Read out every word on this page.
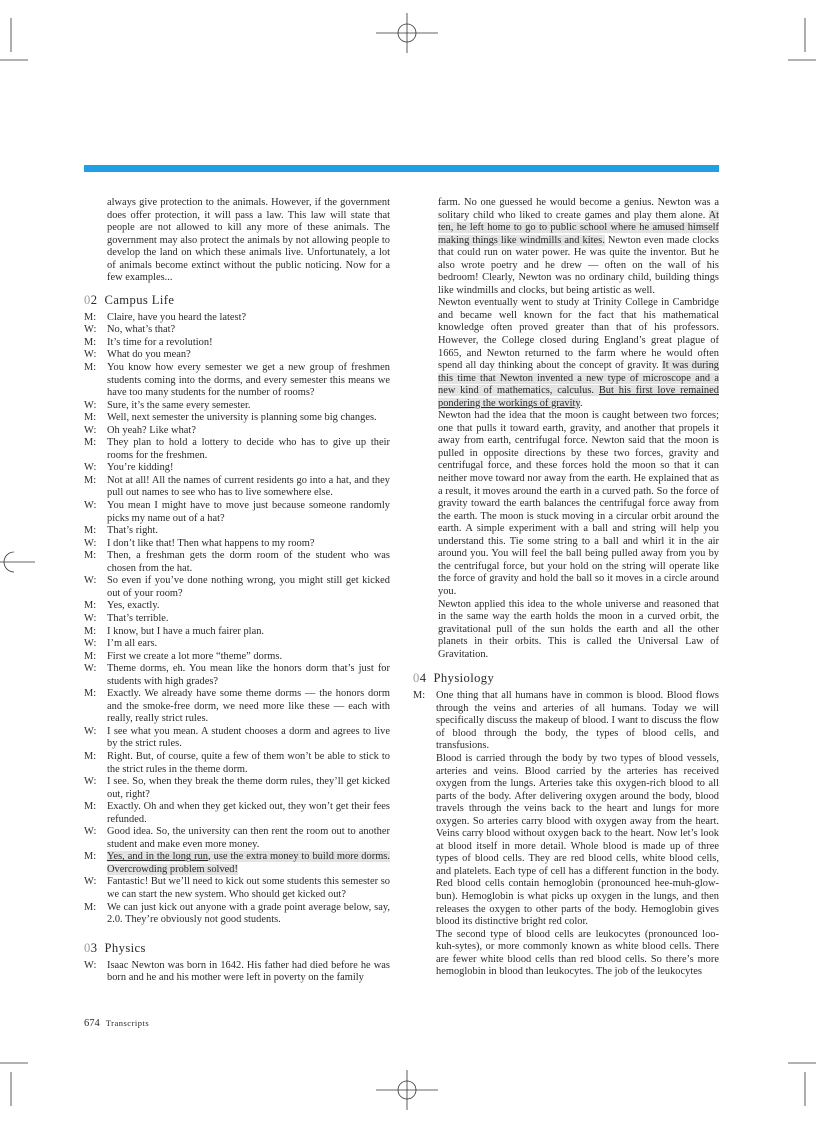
always give protection to the animals. However, if the government does offer protection, it will pass a law. This law will state that people are not allowed to kill any more of these animals. The government may also protect the animals by not allowing people to develop the land on which these animals live. Unfortunately, a lot of animals become extinct without the public noticing. Now for a few examples...

02 Campus Life
M:	Claire, have you heard the latest?
W:	No, what’s that?
M:	It’s time for a revolution!
W:	What do you mean?
M:	You know how every semester we get a new group of freshmen students coming into the dorms, and every semester this means we have too many students for the number of rooms?
W:	Sure, it’s the same every semester.
M:	Well, next semester the university is planning some big changes.
W:	Oh yeah? Like what?
M:	They plan to hold a lottery to decide who has to give up their rooms for the freshmen.
W:	You’re kidding!
M:	Not at all! All the names of current residents go into a hat, and they pull out names to see who has to live somewhere else.
W:	You mean I might have to move just because someone randomly picks my name out of a hat?
M:	That’s right.
W:	I don’t like that! Then what happens to my room?
M:	Then, a freshman gets the dorm room of the student who was chosen from the hat.
W:	So even if you’ve done nothing wrong, you might still get kicked out of your room?
M:	Yes, exactly.
W:	That’s terrible.
M:	I know, but I have a much fairer plan.
W:	I’m all ears.
M:	First we create a lot more “theme” dorms.
W:	Theme dorms, eh. You mean like the honors dorm that’s just for students with high grades?
M:	Exactly. We already have some theme dorms — the honors dorm and the smoke-free dorm, we need more like these — each with really, really strict rules.
W:	I see what you mean. A student chooses a dorm and agrees to live by the strict rules.
M:	Right. But, of course, quite a few of them won’t be able to stick to the strict rules in the theme dorm.
W:	I see. So, when they break the theme dorm rules, they’ll get kicked out, right?
M:	Exactly. Oh and when they get kicked out, they won’t get their fees refunded.
W:	Good idea. So, the university can then rent the room out to another student and make even more money.
M:	Yes, and in the long run, use the extra money to build more dorms. Overcrowding problem solved!
W:	Fantastic! But we’ll need to kick out some students this semester so we can start the new system. Who should get kicked out?
M:	We can just kick out anyone with a grade point average below, say, 2.0. They’re obviously not good students.
03 Physics
W:	Isaac Newton was born in 1642. His father had died before he was born and he and his mother were left in poverty on the family

farm. No one guessed he would become a genius. Newton was a solitary child who liked to create games and play them alone. At ten, he left home to go to public school where he amused himself making things like windmills and kites. Newton even made clocks that could run on water power. He was quite the inventor. But he also wrote poetry and he drew — often on the wall of his bedroom! Clearly, Newton was no ordinary child, building things like windmills and clocks, but being artistic as well.

Newton eventually went to study at Trinity College in Cambridge and became well known for the fact that his mathematical knowledge often proved greater than that of his professors. However, the College closed during England’s great plague of 1665, and Newton returned to the farm where he would often spend all day thinking about the concept of gravity. It was during this time that Newton invented a new type of microscope and a new kind of mathematics, calculus. But his first love remained pondering the workings of gravity.

Newton had the idea that the moon is caught between two forces; one that pulls it toward earth, gravity, and another that propels it away from earth, centrifugal force. Newton said that the moon is pulled in opposite directions by these two forces, gravity and centrifugal force, and these forces hold the moon so that it can neither move toward nor away from the earth. He explained that as a result, it moves around the earth in a curved path. So the force of gravity toward the earth balances the centrifugal force away from the earth. The moon is stuck moving in a circular orbit around the earth. A simple experiment with a ball and string will help you understand this. Tie some string to a ball and whirl it in the air around you. You will feel the ball being pulled away from you by the centrifugal force, but your hold on the string will operate like the force of gravity and hold the ball so it moves in a circle around you.

Newton applied this idea to the whole universe and reasoned that in the same way the earth holds the moon in a curved orbit, the gravitational pull of the sun holds the earth and all the other planets in their orbits. This is called the Universal Law of Gravitation.

04 Physiology
M:	One thing that all humans have in common is blood. Blood flows through the veins and arteries of all humans. Today we will specifically discuss the makeup of blood. I want to discuss the flow of blood through the body, the types of blood cells, and transfusions.
Blood is carried through the body by two types of blood vessels, arteries and veins. Blood carried by the arteries has received oxygen from the lungs. Arteries take this oxygen-rich blood to all parts of the body. After delivering oxygen around the body, blood travels through the veins back to the heart and lungs for more oxygen. So arteries carry blood with oxygen away from the heart. Veins carry blood without oxygen back to the heart. Now let’s look at blood itself in more detail. Whole blood is made up of three types of blood cells. They are red blood cells, white blood cells, and platelets. Each type of cell has a different function in the body. Red blood cells contain hemoglobin (pronounced hee-muh-glow-bun). Hemoglobin is what picks up oxygen in the lungs, and then releases the oxygen to other parts of the body. Hemoglobin gives blood its distinctive bright red color.
The second type of blood cells are leukocytes (pronounced loo-kuh-sytes), or more commonly known as white blood cells. There are fewer white blood cells than red blood cells. So there’s more hemoglobin in blood than leukocytes. The job of the leukocytes
674 Transcripts
